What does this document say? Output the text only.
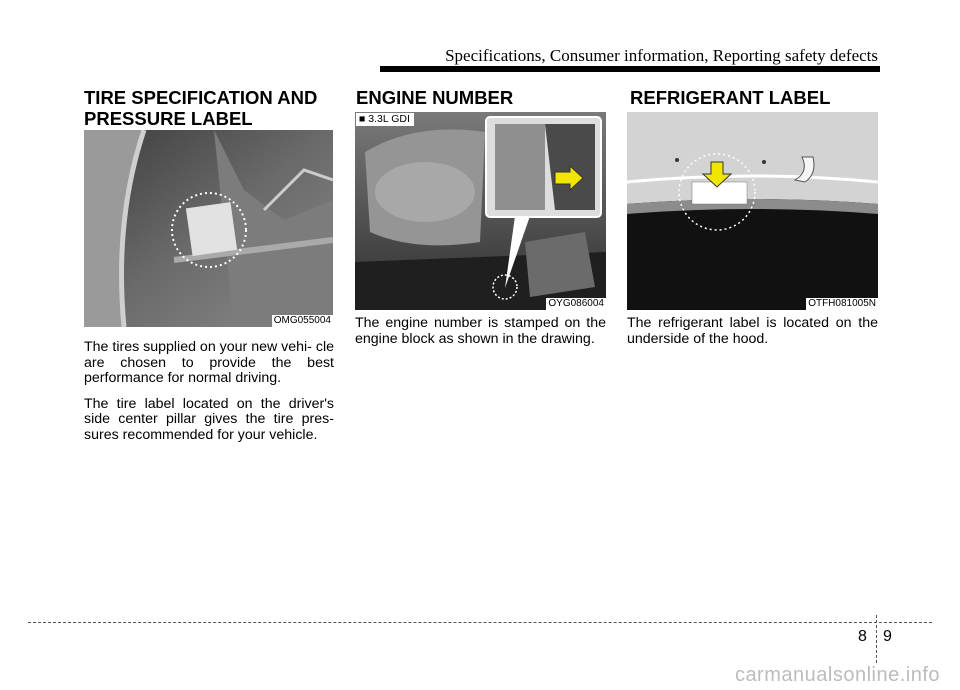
Specifications, Consumer information, Reporting safety defects
TIRE SPECIFICATION AND
PRESSURE LABEL
OMG055004

The tires supplied on your new vehi- cle are chosen to provide the best performance for normal driving.

The tire label located on the driver's side center pillar gives the tire pres- sures recommended for your vehicle.

ENGINE NUMBER
■ 3.3L GDI
OYG086004

The engine number is stamped on the engine block as shown in the drawing.

REFRIGERANT LABEL
OTFH081005N

The refrigerant label is located on the underside of the hood.

8 9
carmanualsonline.info
